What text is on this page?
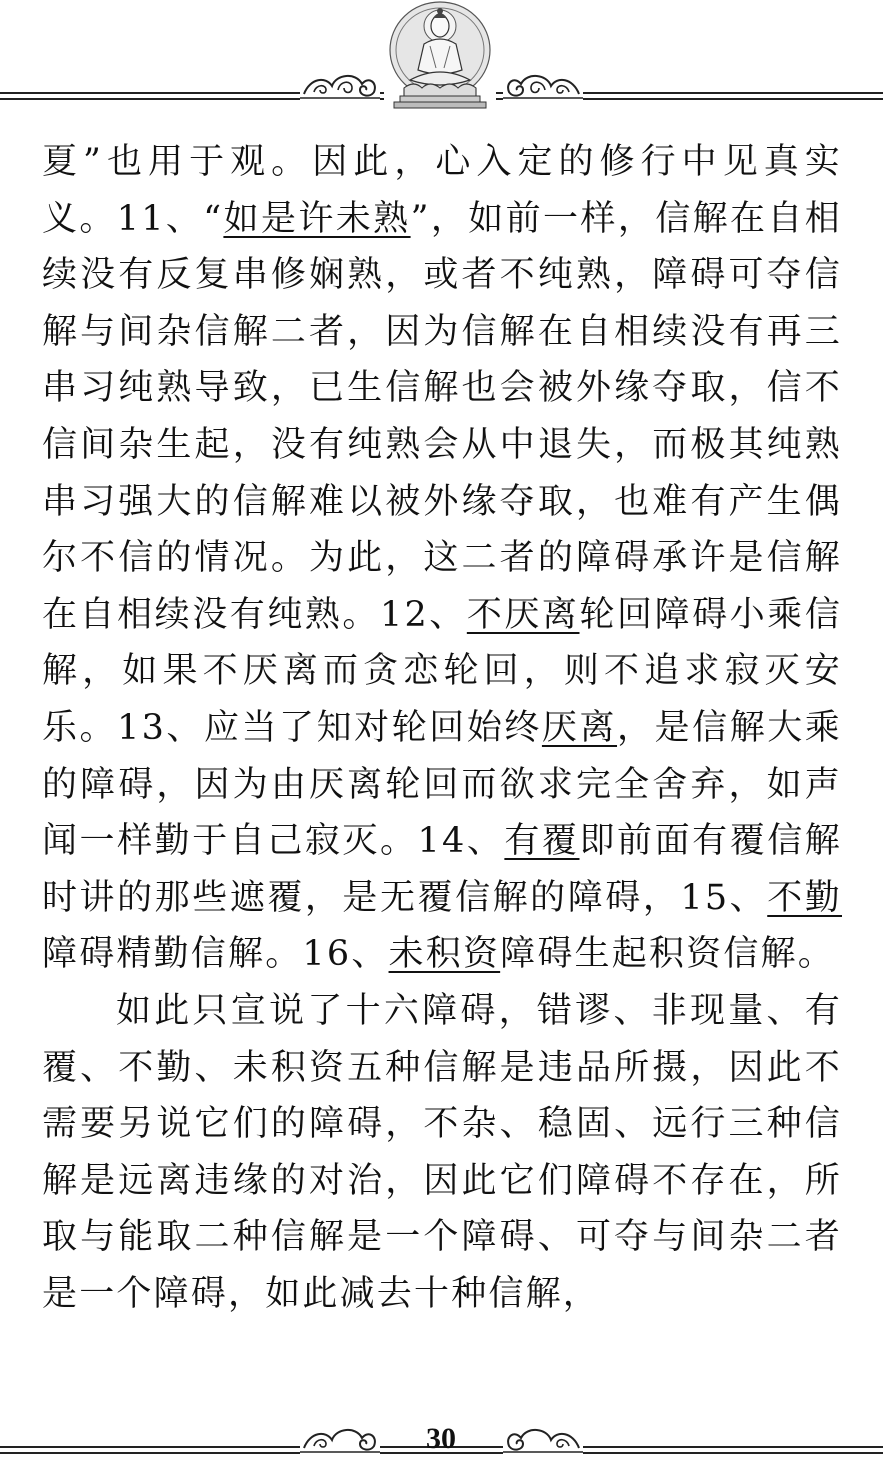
夏”也用于观。因此，心入定的修行中见真实义。11、“如是许未熟”，如前一样，信解在自相续没有反复串修娴熟，或者不纯熟，障碍可夺信解与间杂信解二者，因为信解在自相续没有再三串习纯熟导致，已生信解也会被外缘夺取，信不信间杂生起，没有纯熟会从中退失，而极其纯熟串习强大的信解难以被外缘夺取，也难有产生偶尔不信的情况。为此，这二者的障碍承许是信解在自相续没有纯熟。12、不厌离轮回障碍小乘信解，如果不厌离而贪恋轮回，则不追求寂灭安乐。13、应当了知对轮回始终厌离，是信解大乘的障碍，因为由厌离轮回而欲求完全舍弃，如声闻一样勤于自己寂灭。14、有覆即前面有覆信解时讲的那些遮覆，是无覆信解的障碍，15、不勤障碍精勤信解。16、未积资障碍生起积资信解。

如此只宣说了十六障碍，错谬、非现量、有覆、不勤、未积资五种信解是违品所摄，因此不需要另说它们的障碍，不杂、稳固、远行三种信解是远离违缘的对治，因此它们障碍不存在，所取与能取二种信解是一个障碍、可夺与间杂二者是一个障碍，如此减去十种信解，

30
